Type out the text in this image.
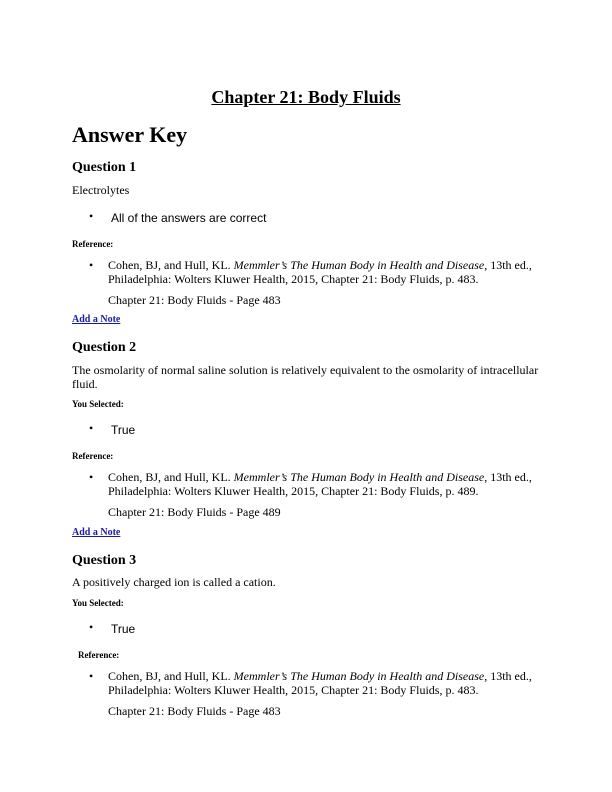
Chapter 21: Body Fluids
Answer Key
Question 1
Electrolytes
• All of the answers are correct
Reference:
• Cohen, BJ, and Hull, KL. Memmler’s The Human Body in Health and Disease, 13th ed.,
Philadelphia: Wolters Kluwer Health, 2015, Chapter 21: Body Fluids, p. 483.
Chapter 21: Body Fluids - Page 483
Add a Note
Question 2
The osmolarity of normal saline solution is relatively equivalent to the osmolarity of intracellular fluid.
You Selected:
• True
Reference:
• Cohen, BJ, and Hull, KL. Memmler’s The Human Body in Health and Disease, 13th ed.,
Philadelphia: Wolters Kluwer Health, 2015, Chapter 21: Body Fluids, p. 489.
Chapter 21: Body Fluids - Page 489
Add a Note
Question 3
A positively charged ion is called a cation.
You Selected:
• True
Reference:
• Cohen, BJ, and Hull, KL. Memmler’s The Human Body in Health and Disease, 13th ed.,
Philadelphia: Wolters Kluwer Health, 2015, Chapter 21: Body Fluids, p. 483.
Chapter 21: Body Fluids - Page 483
